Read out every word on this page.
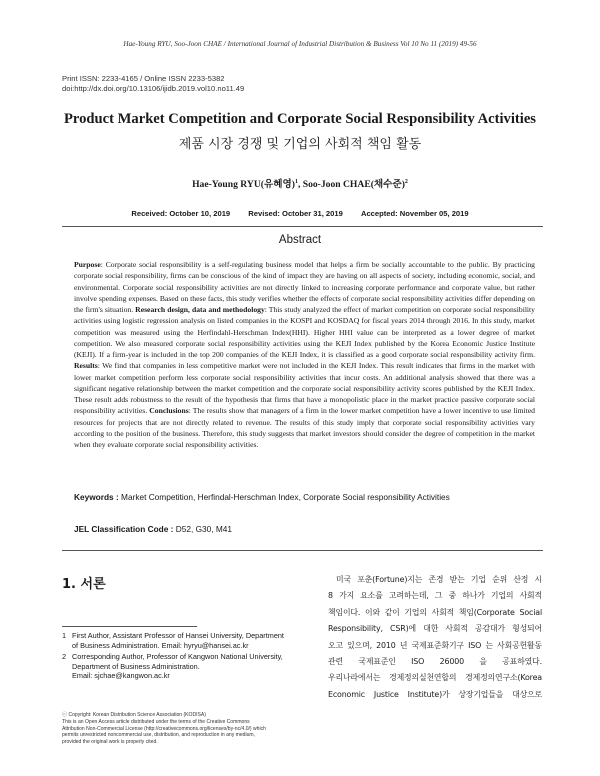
Hae-Young RYU, Soo-Joon CHAE / International Journal of Industrial Distribution & Business Vol 10 No 11 (2019) 49-56
Print ISSN: 2233-4165 / Online ISSN 2233-5382
doi:http://dx.doi.org/10.13106/ijidb.2019.vol10.no11.49
Product Market Competition and Corporate Social Responsibility Activities
제품 시장 경쟁 및 기업의 사회적 책임 활동
Hae-Young RYU(유혜영)$^1$, Soo-Joon CHAE(채수준)$^2$
Received: October 10, 2019 Revised: October 31, 2019 Accepted: November 05, 2019
Abstract
Purpose: Corporate social responsibility is a self-regulating business model that helps a firm be socially accountable to the public. By practicing corporate social responsibility, firms can be conscious of the kind of impact they are having on all aspects of society, including economic, social, and environmental. Corporate social responsibility activities are not directly linked to increasing corporate performance and corporate value, but rather involve spending expenses. Based on these facts, this study verifies whether the effects of corporate social responsibility activities differ depending on the firm's situation. Research design, data and methodology: This study analyzed the effect of market competition on corporate social responsibility activities using logistic regression analysis on listed companies in the KOSPI and KOSDAQ for fiscal years 2014 through 2016. In this study, market competition was measured using the Herfindahl-Herschman Index(HHI). Higher HHI value can be interpreted as a lower degree of market competition. We also measured corporate social responsibility activities using the KEJI Index published by the Korea Economic Justice Institute (KEJI). If a firm-year is included in the top 200 companies of the KEJI Index, it is classified as a good corporate social responsibility activity firm. Results: We find that companies in less competitive market were not included in the KEJI Index. This result indicates that firms in the market with lower market competition perform less corporate social responsibility activities that incur costs. An additional analysis showed that there was a significant negative relationship between the market competition and the corporate social responsibility activity scores published by the KEJI Index. These result adds robustness to the result of the hypothesis that firms that have a monopolistic place in the market practice passive corporate social responsibility activities. Conclusions: The results show that managers of a firm in the lower market competition have a lower incentive to use limited resources for projects that are not directly related to revenue. The results of this study imply that corporate social responsibility activities vary according to the position of the business. Therefore, this study suggests that market investors should consider the degree of competition in the market when they evaluate corporate social responsibility activities.
Keywords : Market Competition, Herfindal-Herschman Index, Corporate Social responsibility Activities
JEL Classification Code : D52, G30, M41
1. 서론
1 First Author, Assistant Professor of Hansei University, Department
of Business Administration. Email: hyryu@hansei.ac.kr
2 Corresponding Author, Professor of Kangwon National University,
Department of Business Administration.
Email: sjchae@kangwon.ac.kr
ⓒ Copyright: Korean Distribution Science Association (KODISA)
This is an Open Access article distributed under the terms of the Creative Commons
Attribution Non-Commercial License (http://creativecommons.org/licenses/by-nc/4.0/) which
permits unrestricted noncommercial use, distribution, and reproduction in any medium,
provided the original work is properly cited.
미국 포춘(Fortune)지는 존경 받는 기업 순위 산정 시
8 가지 요소를 고려하는데, 그 중 하나가 기업의 사회적
책임이다. 이와 같이 기업의 사회적 책임(Corporate Social
Responsibility, CSR)에 대한 사회적 공감대가 형성되어
오고 있으며, 2010 년 국제표준화기구 ISO 는 사회공헌활동
관련 국제표준인 ISO 26000 을 공표하였다.
우리나라에서는 경제정의실천연합의 경제정의연구소(Korea
Economic Justice Institute)가 상장기업들을 대상으로
